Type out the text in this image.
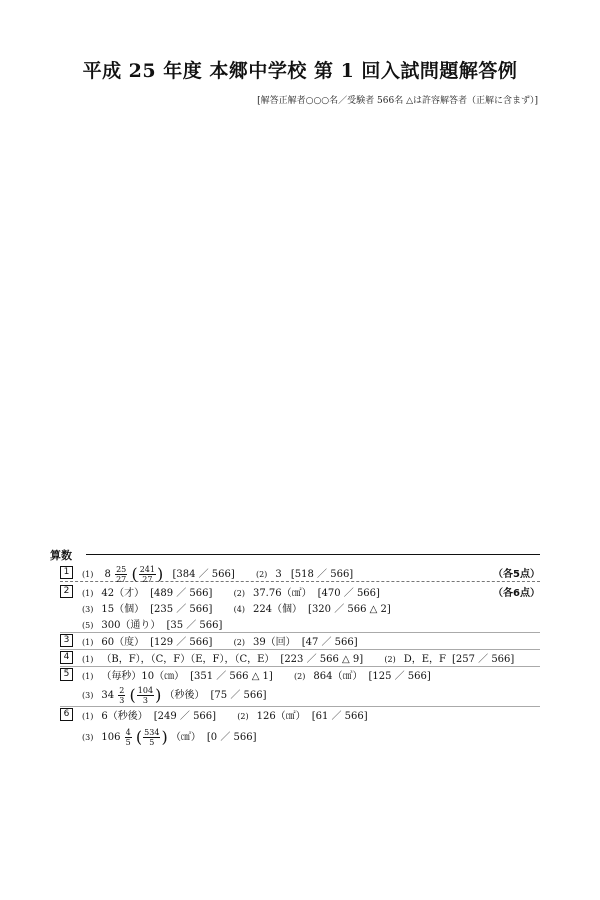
平成 25 年度 本郷中学校 第 1 回入試問題解答例
[解答正解者○○○名／受験者 566名 △は許容解答者（正解に含まず）]
算数
1	(1) $8 \frac{25}{27}$ ( $\frac{241}{27}$ ) [384 ／ 566]	(2) 3 [518 ／ 566]	（各5点）
2	(1) 42（才） [489 ／ 566]	(2) 37.76（㎠） [470 ／ 566]	（各6点）
(3) 15（個） [235 ／ 566]	(4) 224（個） [320 ／ 566 △ 2]
(5) 300（通り） [35 ／ 566]
3	(1) 60（度） [129 ／ 566]	(2) 39（回） [47 ／ 566]
4	(1) （B，F），（C，F）（E，F），（C，E） [223 ／ 566 △ 9]	(2) D，E，F [257 ／ 566]
5	(1) （毎秒）10（㎝） [351 ／ 566 △ 1]	(2) 864（㎤） [125 ／ 566]
(3) $34 \frac{2}{3}$ ( $\frac{104}{3}$ ) （秒後） [75 ／ 566]
6	(1) 6（秒後） [249 ／ 566]	(2) 126（㎠） [61 ／ 566]
(3) $106 \frac{4}{5}$ ( $\frac{534}{5}$ ) （㎤） [0 ／ 566]
